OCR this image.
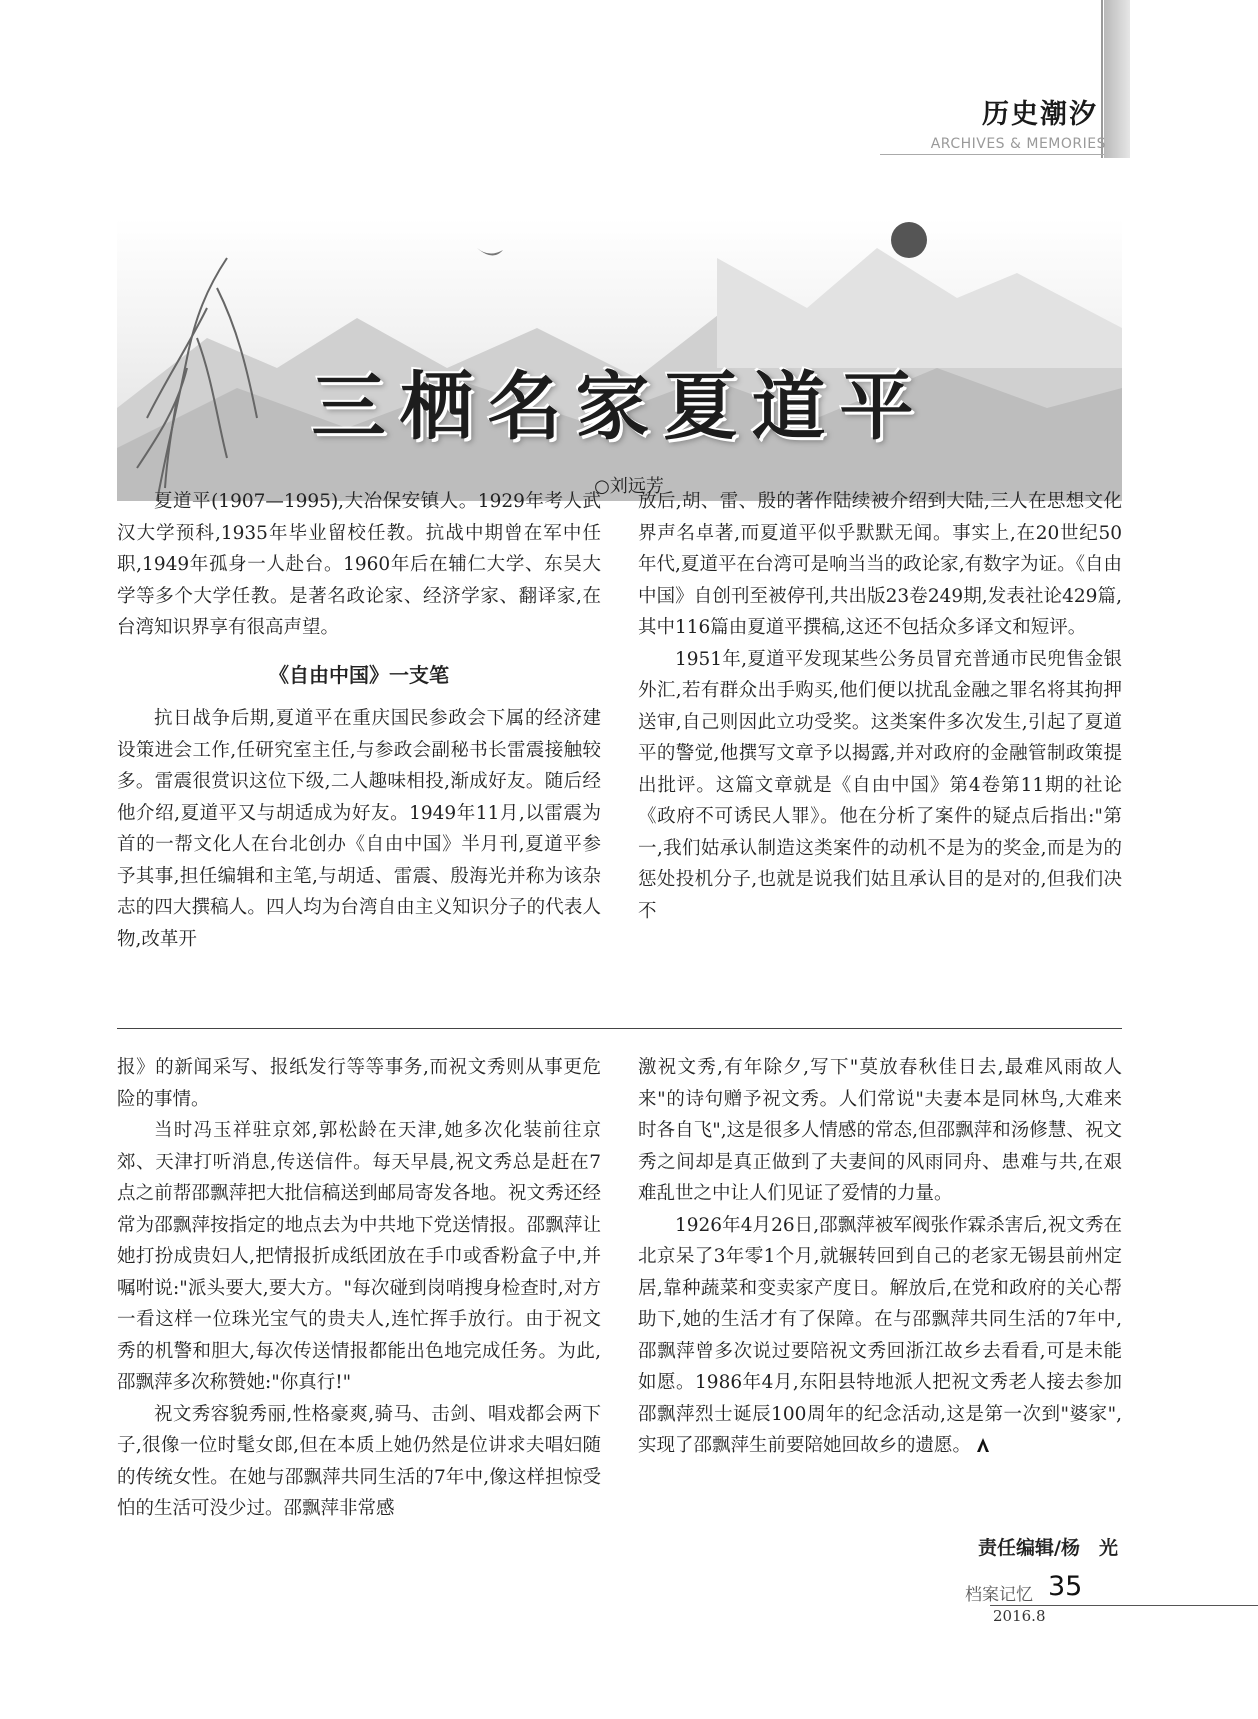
历史潮汐
ARCHIVES & MEMORIES
三栖名家夏道平
○刘远芳

夏道平(1907—1995),大冶保安镇人。1929年考人武汉大学预科,1935年毕业留校任教。抗战中期曾在军中任职,1949年孤身一人赴台。1960年后在辅仁大学、东吴大学等多个大学任教。是著名政论家、经济学家、翻译家,在台湾知识界享有很高声望。

《自由中国》一支笔

抗日战争后期,夏道平在重庆国民参政会下属的经济建设策进会工作,任研究室主任,与参政会副秘书长雷震接触较多。雷震很赏识这位下级,二人趣味相投,渐成好友。随后经他介绍,夏道平又与胡适成为好友。1949年11月,以雷震为首的一帮文化人在台北创办《自由中国》半月刊,夏道平参予其事,担任编辑和主笔,与胡适、雷震、殷海光并称为该杂志的四大撰稿人。四人均为台湾自由主义知识分子的代表人物,改革开

放后,胡、雷、殷的著作陆续被介绍到大陆,三人在思想文化界声名卓著,而夏道平似乎默默无闻。事实上,在20世纪50年代,夏道平在台湾可是响当当的政论家,有数字为证。《自由中国》自创刊至被停刊,共出版23卷249期,发表社论429篇,其中116篇由夏道平撰稿,这还不包括众多译文和短评。

1951年,夏道平发现某些公务员冒充普通市民兜售金银外汇,若有群众出手购买,他们便以扰乱金融之罪名将其拘押送审,自己则因此立功受奖。这类案件多次发生,引起了夏道平的警觉,他撰写文章予以揭露,并对政府的金融管制政策提出批评。这篇文章就是《自由中国》第4卷第11期的社论《政府不可诱民人罪》。他在分析了案件的疑点后指出:"第一,我们姑承认制造这类案件的动机不是为的奖金,而是为的惩处投机分子,也就是说我们姑且承认目的是对的,但我们决不

报》的新闻采写、报纸发行等等事务,而祝文秀则从事更危险的事情。

当时冯玉祥驻京郊,郭松龄在天津,她多次化装前往京郊、天津打听消息,传送信件。每天早晨,祝文秀总是赶在7点之前帮邵飘萍把大批信稿送到邮局寄发各地。祝文秀还经常为邵飘萍按指定的地点去为中共地下党送情报。邵飘萍让她打扮成贵妇人,把情报折成纸团放在手巾或香粉盒子中,并嘱咐说:"派头要大,要大方。"每次碰到岗哨搜身检查时,对方一看这样一位珠光宝气的贵夫人,连忙挥手放行。由于祝文秀的机警和胆大,每次传送情报都能出色地完成任务。为此,邵飘萍多次称赞她:"你真行!"

祝文秀容貌秀丽,性格豪爽,骑马、击剑、唱戏都会两下子,很像一位时髦女郎,但在本质上她仍然是位讲求夫唱妇随的传统女性。在她与邵飘萍共同生活的7年中,像这样担惊受怕的生活可没少过。邵飘萍非常感

激祝文秀,有年除夕,写下"莫放春秋佳日去,最难风雨故人来"的诗句赠予祝文秀。人们常说"夫妻本是同林鸟,大难来时各自飞",这是很多人情感的常态,但邵飘萍和汤修慧、祝文秀之间却是真正做到了夫妻间的风雨同舟、患难与共,在艰难乱世之中让人们见证了爱情的力量。

1926年4月26日,邵飘萍被军阀张作霖杀害后,祝文秀在北京呆了3年零1个月,就辗转回到自己的老家无锡县前州定居,靠种蔬菜和变卖家产度日。解放后,在党和政府的关心帮助下,她的生活才有了保障。在与邵飘萍共同生活的7年中,邵飘萍曾多次说过要陪祝文秀回浙江故乡去看看,可是未能如愿。1986年4月,东阳县特地派人把祝文秀老人接去参加邵飘萍烈士诞辰100周年的纪念活动,这是第一次到"婆家",实现了邵飘萍生前要陪她回故乡的遗愿。

责任编辑/杨　光
档案记忆 35
2016.8
